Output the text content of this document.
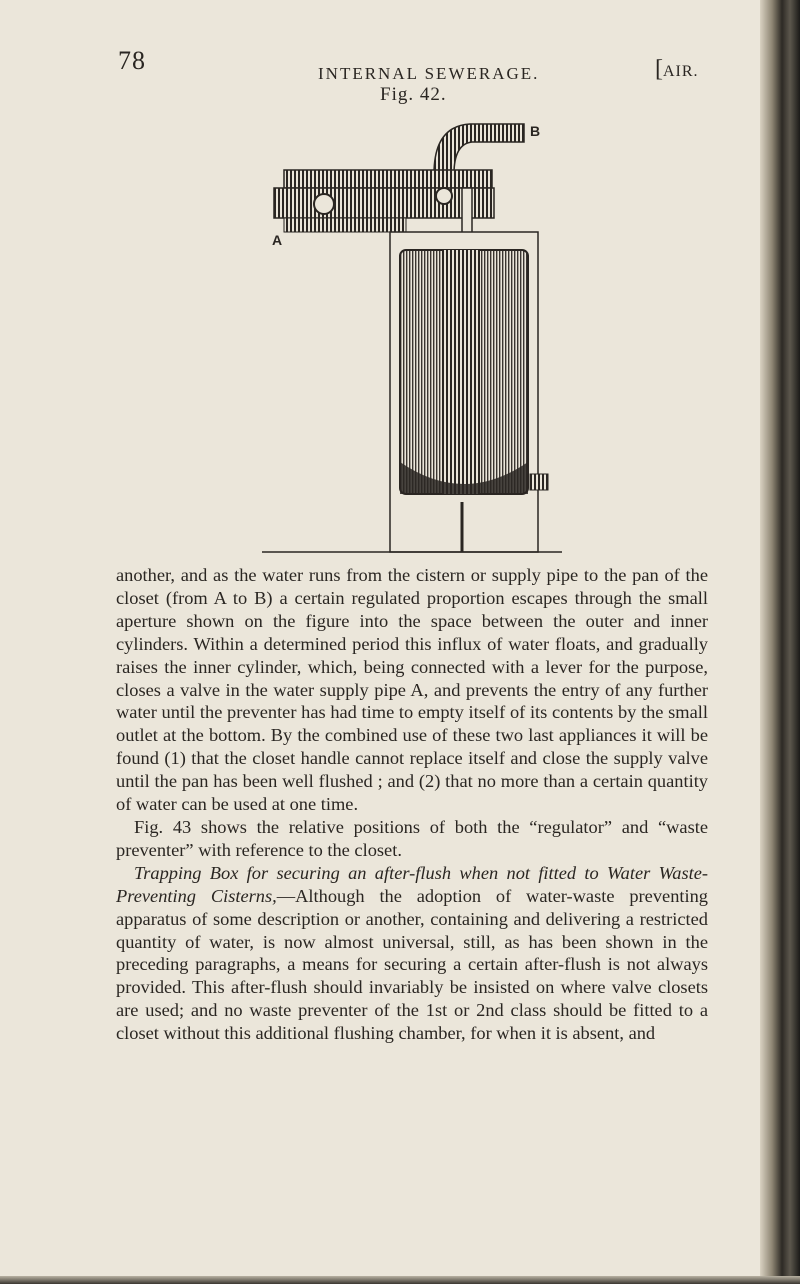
78	INTERNAL SEWERAGE.	[AIR.
Fig. 42.
B
A

another, and as the water runs from the cistern or supply pipe to the pan of the closet (from A to B) a certain regulated proportion escapes through the small aperture shown on the figure into the space between the outer and inner cylinders. Within a determined period this influx of water floats, and gradually raises the inner cylinder, which, being connected with a lever for the purpose, closes a valve in the water supply pipe A, and prevents the entry of any further water until the preventer has had time to empty itself of its contents by the small outlet at the bottom. By the combined use of these two last appliances it will be found (1) that the closet handle cannot replace itself and close the supply valve until the pan has been well flushed ; and (2) that no more than a certain quantity of water can be used at one time.

Fig. 43 shows the relative positions of both the “regulator” and “waste preventer” with reference to the closet.

Trapping Box for securing an after-flush when not fitted to Water Waste-Preventing Cisterns,—Although the adoption of water-waste preventing apparatus of some description or another, containing and delivering a restricted quantity of water, is now almost universal, still, as has been shown in the preceding paragraphs, a means for securing a certain after-flush is not always provided. This after-flush should invariably be insisted on where valve closets are used; and no waste preventer of the 1st or 2nd class should be fitted to a closet without this additional flushing chamber, for when it is absent, and
